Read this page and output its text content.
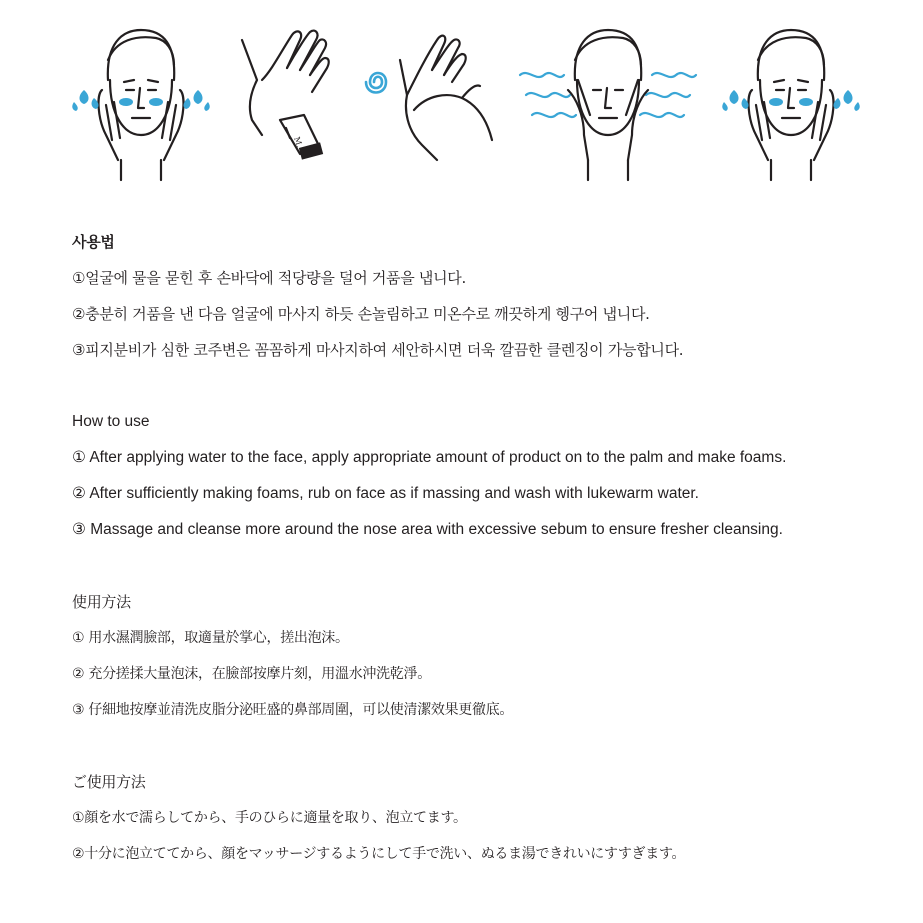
M.
사용법
①얼굴에 물을 묻힌 후 손바닥에 적당량을 덜어 거품을 냅니다.
②충분히 거품을 낸 다음 얼굴에 마사지 하듯 손놀림하고 미온수로 깨끗하게 헹구어 냅니다.
③피지분비가 심한 코주변은 꼼꼼하게 마사지하여 세안하시면 더욱 깔끔한 클렌징이 가능합니다.
How to use
① After applying water to the face, apply appropriate amount of product on to the palm and make foams.
② After sufficiently making foams, rub on face as if massing and wash with lukewarm water.
③ Massage and cleanse more around the nose area with excessive sebum to ensure fresher cleansing.
使用方法
① 用水濕潤臉部，取適量於掌心，搓出泡沫。
② 充分搓揉大量泡沫，在臉部按摩片刻，用溫水沖洗乾淨。
③ 仔細地按摩並清洗皮脂分泌旺盛的鼻部周圍，可以使清潔效果更徹底。
ご使用方法
①顔を水で濡らしてから、手のひらに適量を取り、泡立てます。
②十分に泡立ててから、顔をマッサージするようにして手で洗い、ぬるま湯できれいにすすぎます。
